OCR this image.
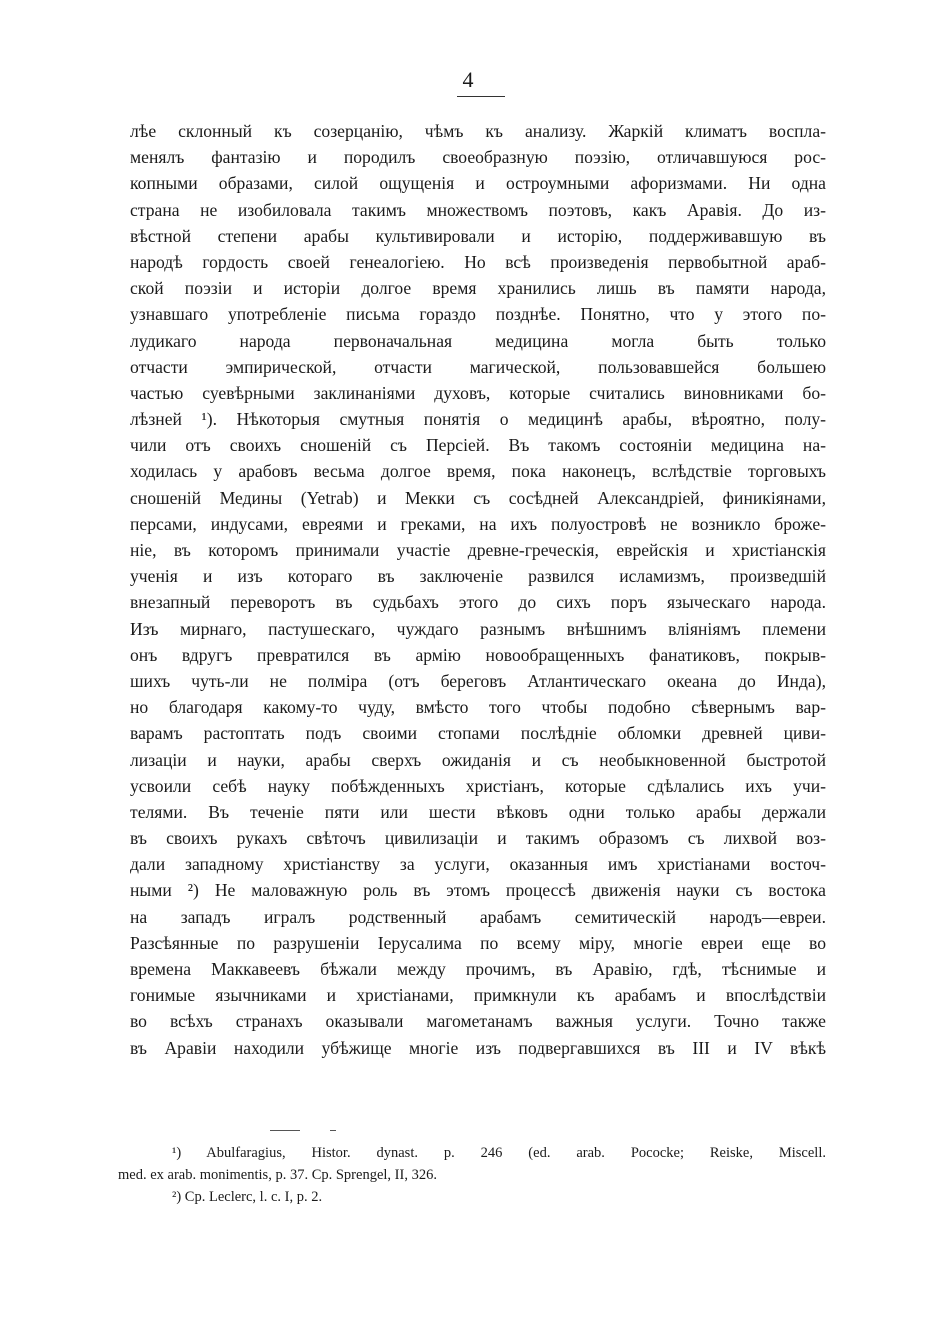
4
лѣе склонный къ созерцанію, чѣмъ къ анализу. Жаркій климатъ воспла-
менялъ фантазію и породилъ своеобразную поэзію, отличавшуюся рос-
копными образами, силой ощущенія и остроумными афоризмами. Ни одна
страна не изобиловала такимъ множествомъ поэтовъ, какъ Аравія. До из-
вѣстной степени арабы культивировали и исторію, поддерживавшую въ
народѣ гордость своей генеалогіею. Но всѣ произведенія первобытной араб-
ской поэзіи и исторіи долгое время хранились лишь въ памяти народа,
узнавшаго употребленіе письма гораздо позднѣе. Понятно, что у этого по-
лудикаго народа первоначальная медицина могла быть только
отчасти эмпирической, отчасти магической, пользовавшейся большею
частью суевѣрными заклинаніями духовъ, которые считались виновниками бо-
лѣзней ¹). Нѣкоторыя смутныя понятія о медицинѣ арабы, вѣроятно, полу-
чили отъ своихъ сношеній съ Персіей. Въ такомъ состояніи медицина на-
ходилась у арабовъ весьма долгое время, пока наконецъ, вслѣдствіе торговыхъ
сношеній Медины (Yetrab) и Мекки съ сосѣдней Александріей, финикіянами,
персами, индусами, евреями и греками, на ихъ полуостровѣ не возникло броже-
ніе, въ которомъ принимали участіе древне-греческія, еврейскія и христіанскія
ученія и изъ котораго въ заключеніе развился исламизмъ, произведшій
внезапный переворотъ въ судьбахъ этого до сихъ поръ языческаго народа.
Изъ мирнаго, пастушескаго, чуждаго разнымъ внѣшнимъ вліяніямъ племени
онъ вдругъ превратился въ армію новообращенныхъ фанатиковъ, покрыв-
шихъ чуть-ли не полміра (отъ береговъ Атлантическаго океана до Инда),
но благодаря какому-то чуду, вмѣсто того чтобы подобно сѣвернымъ вар-
варамъ растоптать подъ своими стопами послѣдніе обломки древней циви-
лизаціи и науки, арабы сверхъ ожиданія и съ необыкновенной быстротой
усвоили себѣ науку побѣжденныхъ христіанъ, которые сдѣлались ихъ учи-
телями. Въ теченіе пяти или шести вѣковъ одни только арабы держали
въ своихъ рукахъ свѣточъ цивилизаціи и такимъ образомъ съ лихвой воз-
дали западному христіанству за услуги, оказанныя имъ христіанами восточ-
ными ²) Не маловажную роль въ этомъ процессѣ движенія науки съ востока
на западъ игралъ родственный арабамъ семитическій народъ—евреи.
Разсѣянные по разрушеніи Іерусалима по всему міру, многіе евреи еще во
времена Маккавеевъ бѣжали между прочимъ, въ Аравію, гдѣ, тѣснимые и
гонимые язычниками и христіанами, примкнули къ арабамъ и впослѣдствіи
во всѣхъ странахъ оказывали магометанамъ важныя услуги. Точно также
въ Аравіи находили убѣжище многіе изъ подвергавшихся въ III и IV вѣкѣ
¹) Abulfaragius, Histor. dynast. p. 246 (ed. arab. Pococke; Reiske, Miscell.
med. ex arab. monimentis, p. 37. Cp. Sprengel, II, 326.
²) Cp. Leclerc, l. c. I, p. 2.
